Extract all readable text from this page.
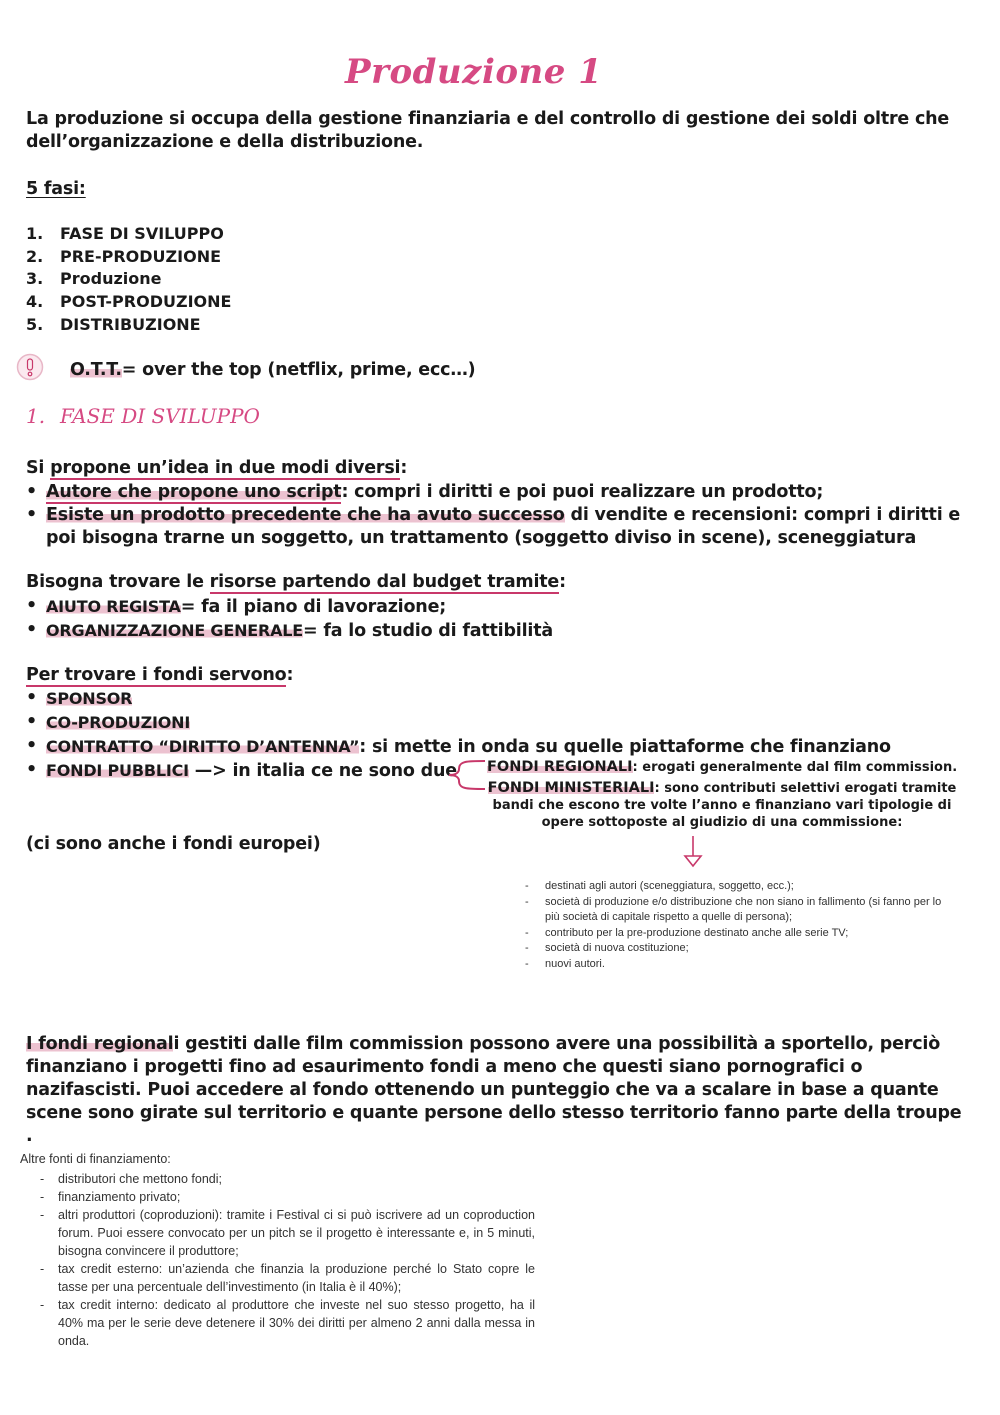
Produzione 1
La produzione si occupa della gestione finanziaria e del controllo di gestione dei soldi oltre che dell’organizzazione e della distribuzione.
5 fasi:
1.	FASE DI SVILUPPO
2.	PRE-PRODUZIONE
3.	Produzione
4.	POST-PRODUZIONE
5.	DISTRIBUZIONE
O.T.T.= over the top (netflix, prime, ecc…)
1. FASE DI SVILUPPO
Si propone un’idea in due modi diversi:
• Autore che propone uno script: compri i diritti e poi puoi realizzare un prodotto;
• Esiste un prodotto precedente che ha avuto successo di vendite e recensioni: compri i diritti e poi bisogna trarne un soggetto, un trattamento (soggetto diviso in scene), sceneggiatura
Bisogna trovare le risorse partendo dal budget tramite:
• AIUTO REGISTA= fa il piano di lavorazione;
• ORGANIZZAZIONE GENERALE= fa lo studio di fattibilità
Per trovare i fondi servono:
• SPONSOR
• CO-PRODUZIONI
• CONTRATTO “DIRITTO D’ANTENNA”: si mette in onda su quelle piattaforme che finanziano
• FONDI PUBBLICI —> in italia ce ne sono due FONDI REGIONALI: erogati generalmente dal film commission.
FONDI MINISTERIALI: sono contributi selettivi erogati tramite bandi che escono tre volte l’anno e finanziano vari tipologie di opere sottoposte al giudizio di una commissione:
(ci sono anche i fondi europei)
-	destinati agli autori (sceneggiatura, soggetto, ecc.);
-	società di produzione e/o distribuzione che non siano in fallimento (si fanno per lo più società di capitale rispetto a quelle di persona);
-	contributo per la pre-produzione destinato anche alle serie TV;
-	società di nuova costituzione;
-	nuovi autori.
I fondi regionali gestiti dalle film commission possono avere una possibilità a sportello, perciò finanziano i progetti fino ad esaurimento fondi a meno che questi siano pornografici o nazifascisti. Puoi accedere al fondo ottenendo un punteggio che va a scalare in base a quante scene sono girate sul territorio e quante persone dello stesso territorio fanno parte della troupe .
Altre fonti di finanziamento:
-	distributori che mettono fondi;
-	finanziamento privato;
-	altri produttori (coproduzioni): tramite i Festival ci si può iscrivere ad un coproduction forum. Puoi essere convocato per un pitch se il progetto è interessante e, in 5 minuti, bisogna convincere il produttore;
-	tax credit esterno: un’azienda che finanzia la produzione perché lo Stato copre le tasse per una percentuale dell’investimento (in Italia è il 40%);
-	tax credit interno: dedicato al produttore che investe nel suo stesso progetto, ha il 40% ma per le serie deve detenere il 30% dei diritti per almeno 2 anni dalla messa in onda.
